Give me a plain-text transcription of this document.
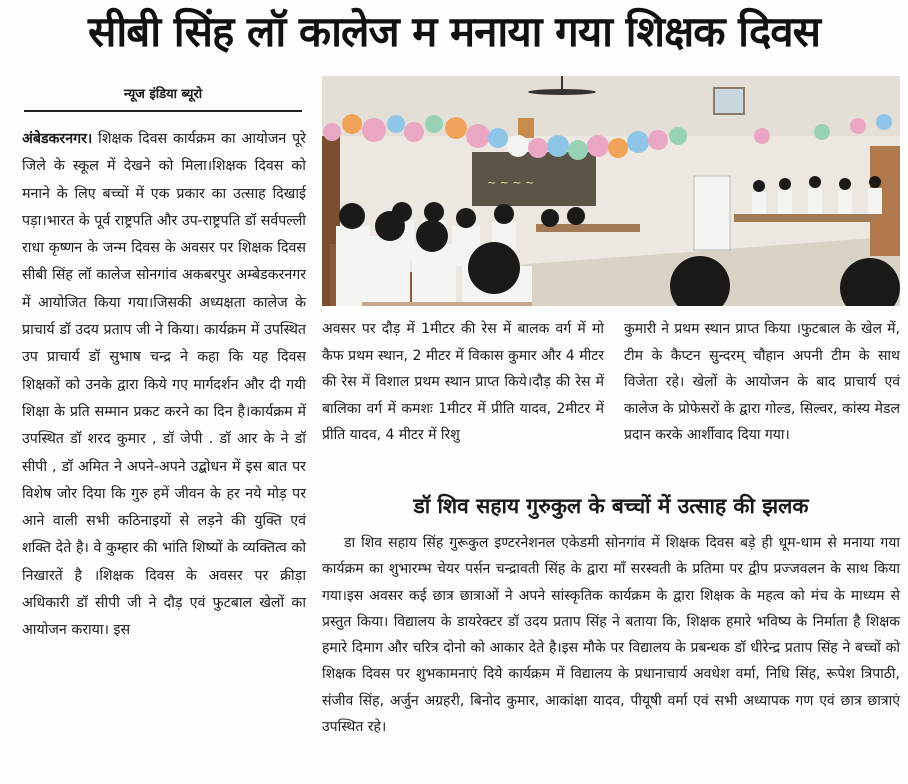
सीबी सिंह लॉ कालेज म मनाया गया शिक्षक दिवस
न्यूज इंडिया ब्यूरो
अंबेडकरनगर। शिक्षक दिवस कार्यक्रम का आयोजन पूरे जिले के स्कूल में देखने को मिला।शिक्षक दिवस को मनाने के लिए बच्चों में एक प्रकार का उत्साह दिखाई पड़ा।भारत के पूर्व राष्ट्रपति और उप-राष्ट्रपति डॉ सर्वपल्ली राधा कृष्णन के जन्म दिवस के अवसर पर शिक्षक दिवस सीबी सिंह लॉ कालेज सोनगांव अकबरपुर अम्बेडकरनगर में आयोजित किया गया।जिसकी अध्यक्षता कालेज के प्राचार्य डॉ उदय प्रताप जी ने किया। कार्यक्रम में उपस्थित उप प्राचार्य डॉ सुभाष चन्द्र ने कहा कि यह दिवस शिक्षकों को उनके द्वारा किये गए मार्गदर्शन और दी गयी शिक्षा के प्रति सम्मान प्रकट करने का दिन है।कार्यक्रम में उपस्थित डॉ शरद कुमार , डॉ जेपी . डॉ आर के ने डॉ सीपी , डॉ अमित ने अपने-अपने उद्बोधन में इस बात पर विशेष जोर दिया कि गुरु हमें जीवन के हर नये मोड़ पर आने वाली सभी कठिनाइयों से लड़ने की युक्ति एवं शक्ति देते है। वे कुम्हार की भांति शिष्यों के व्यक्तित्व को निखारतें है ।शिक्षक दिवस के अवसर पर क्रीड़ा अधिकारी डॉ सीपी जी ने दौड़ एवं फुटबाल खेलों का आयोजन कराया। इस
~ ~ ~ ~
अवसर पर दौड़ में 1मीटर की रेस में बालक वर्ग में मो कैफ प्रथम स्थान, 2 मीटर में विकास कुमार और 4 मीटर की रेस में विशाल प्रथम स्थान प्राप्त किये।दौड़ की रेस में बालिका वर्ग में कमशः 1मीटर में प्रीति यादव, 2मीटर में प्रीति यादव, 4 मीटर में रिशु
कुमारी ने प्रथम स्थान प्राप्त किया ।फुटबाल के खेल में, टीम के कैप्टन सुन्दरम् चौहान अपनी टीम के साथ विजेता रहे। खेलों के आयोजन के बाद प्राचार्य एवं कालेज के प्रोफेसरों के द्वारा गोल्ड, सिल्वर, कांस्य मेडल प्रदान करके आर्शीवाद दिया गया।
डॉ शिव सहाय गुरुकुल के बच्चों में उत्साह की झलक

डा शिव सहाय सिंह गुरूकुल इण्टरनेशनल एकेडमी सोनगांव में शिक्षक दिवस बड़े ही धूम-धाम से मनाया गया कार्यक्रम का शुभारम्भ चेयर पर्सन चन्द्रावती सिंह के द्वारा माँ सरस्वती के प्रतिमा पर द्वीप प्रज्जवलन के साथ किया गया।इस अवसर कई छात्र छात्राओं ने अपने सांस्कृतिक कार्यक्रम के द्वारा शिक्षक के महत्व को मंच के माध्यम से प्रस्तुत किया। विद्यालय के डायरेक्टर डॉ उदय प्रताप सिंह ने बताया कि, शिक्षक हमारे भविष्य के निर्माता है शिक्षक हमारे दिमाग और चरित्र दोनो को आकार देते है।इस मौके पर विद्यालय के प्रबन्धक डॉ धीरेन्द्र प्रताप सिंह ने बच्चों को शिक्षक दिवस पर शुभकामनाएं दिये कार्यक्रम में विद्यालय के प्रधानाचार्य अवधेश वर्मा, निधि सिंह, रूपेश त्रिपाठी, संजीव सिंह, अर्जुन अग्रहरी, बिनोद कुमार, आकांक्षा यादव, पीयूषी वर्मा एवं सभी अध्यापक गण एवं छात्र छात्राएं उपस्थित रहे।
